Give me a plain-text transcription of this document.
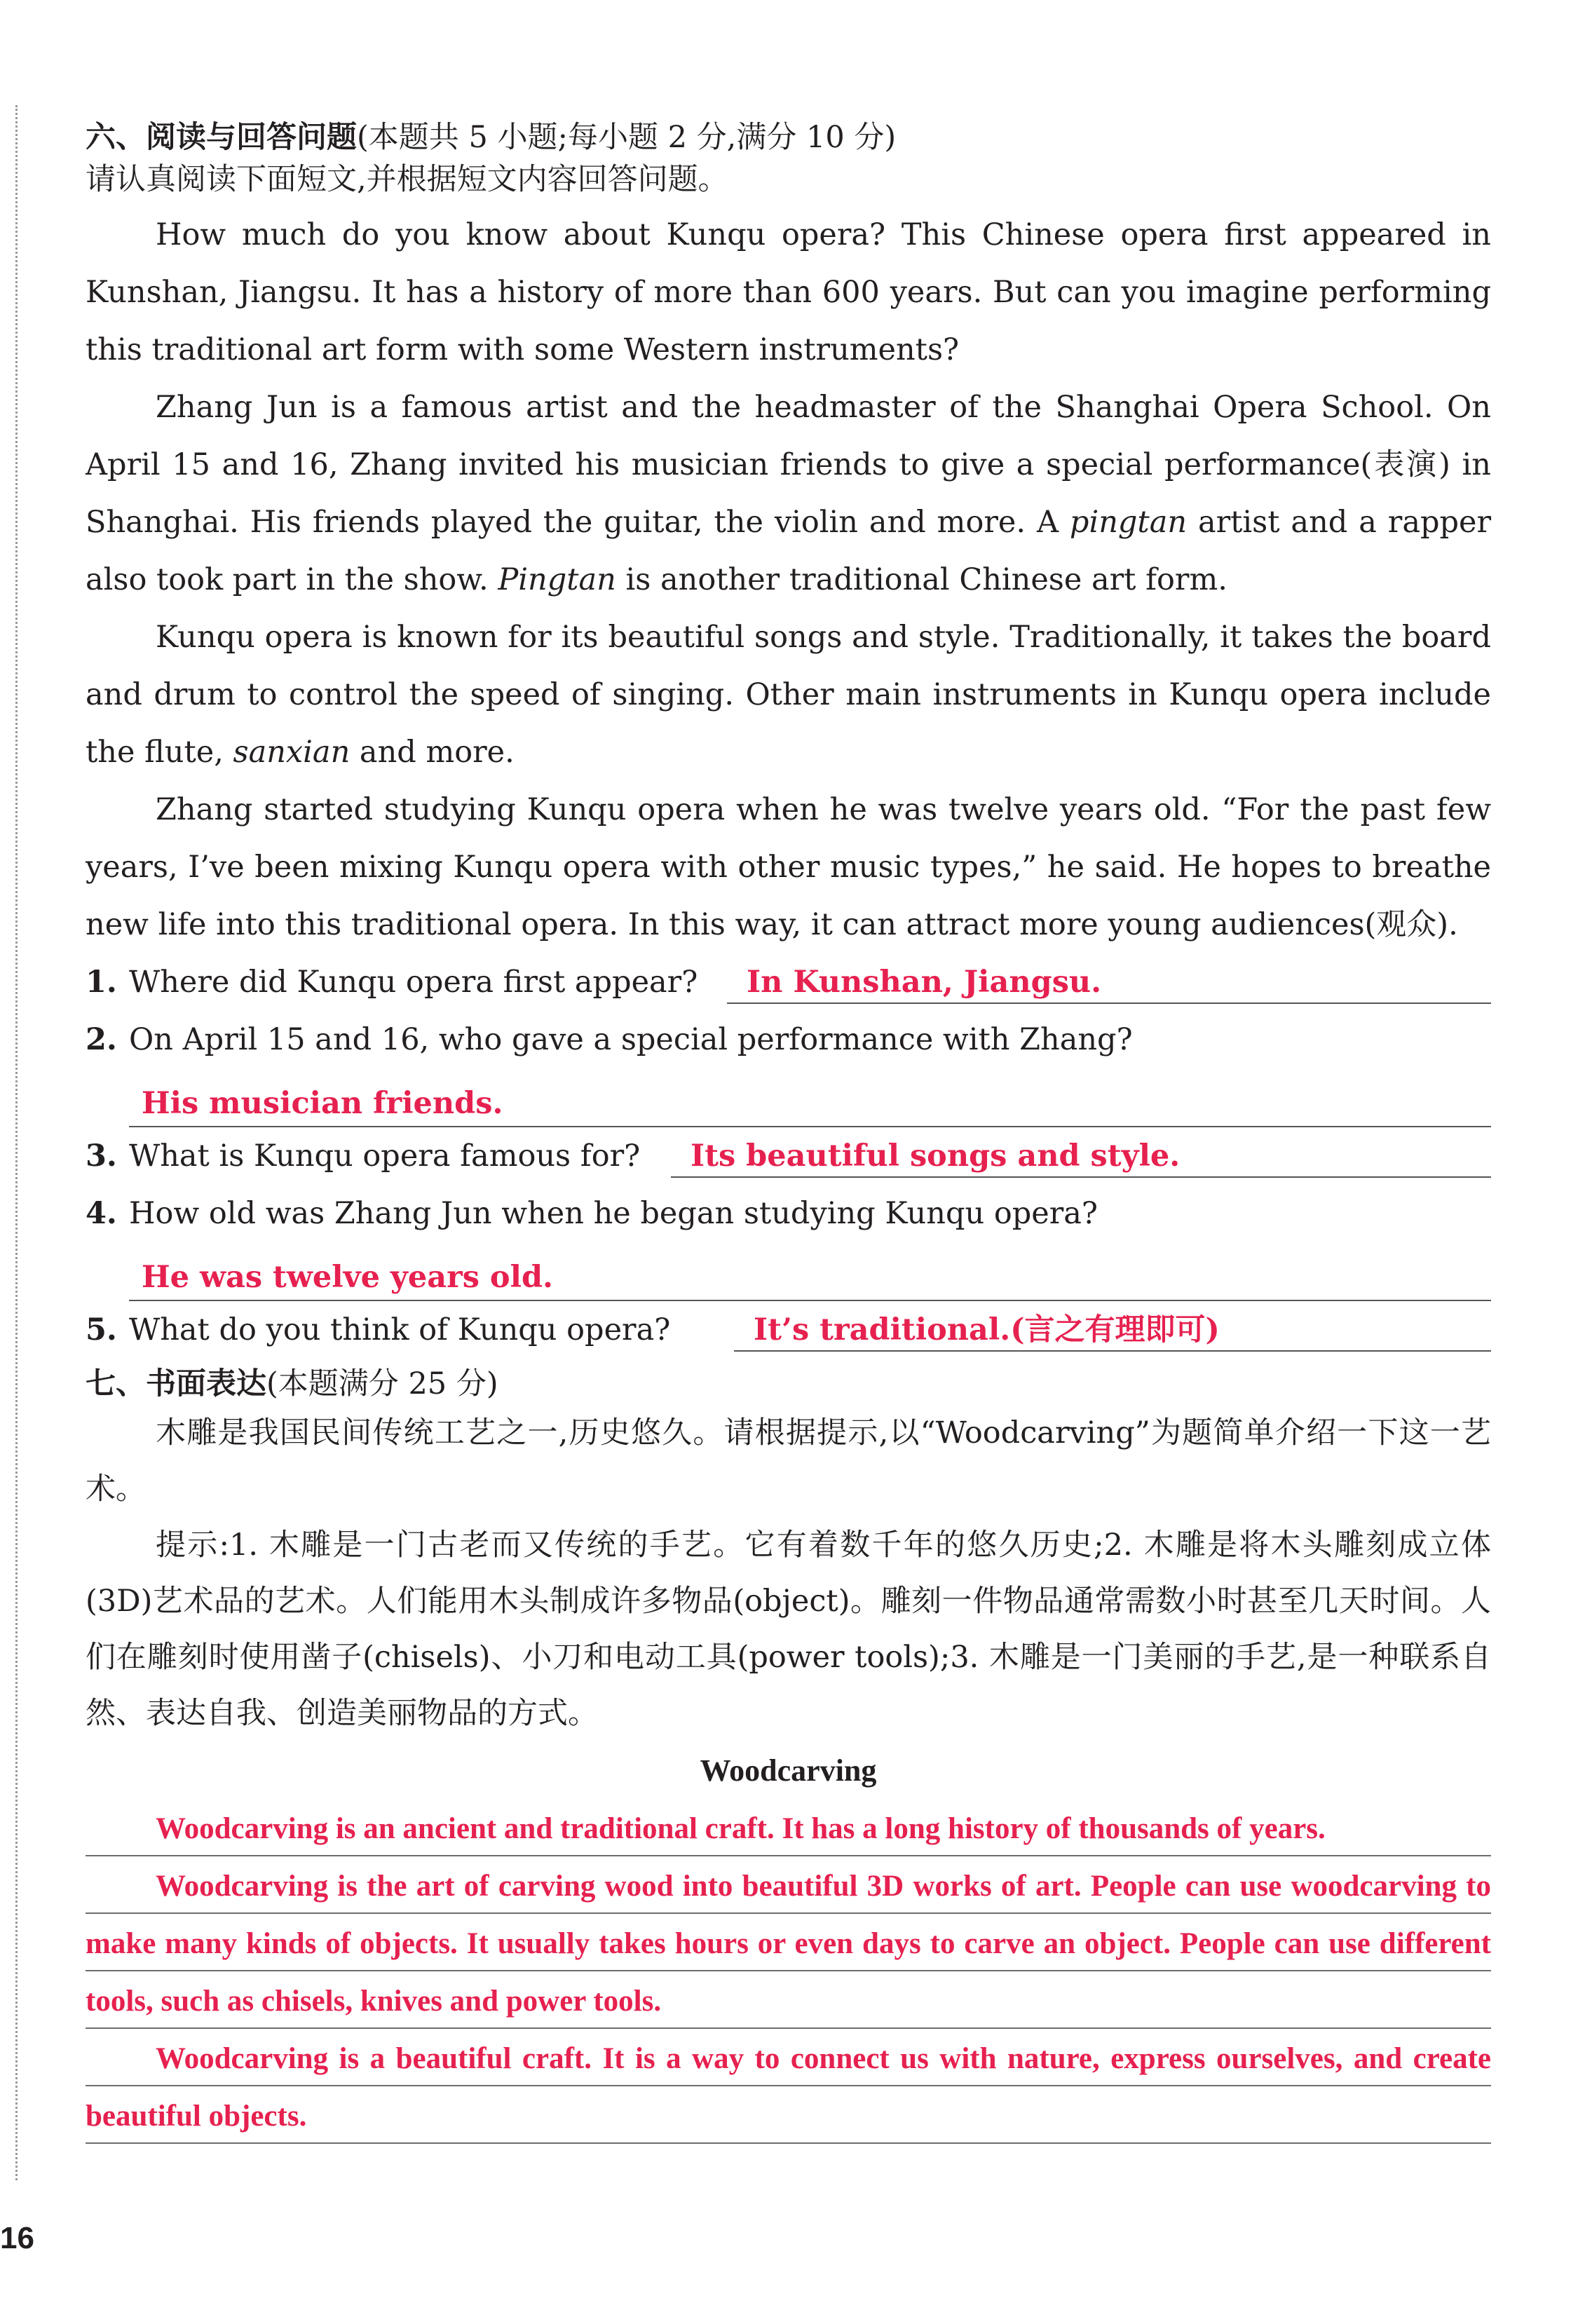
六、阅读与回答问题(本题共 5 小题;每小题 2 分,满分 10 分)
请认真阅读下面短文,并根据短文内容回答问题。

How much do you know about Kunqu opera? This Chinese opera first appeared in Kunshan, Jiangsu. It has a history of more than 600 years. But can you imagine performing this traditional art form with some Western instruments?

Zhang Jun is a famous artist and the headmaster of the Shanghai Opera School. On April 15 and 16, Zhang invited his musician friends to give a special performance(表演) in Shanghai. His friends played the guitar, the violin and more. A pingtan artist and a rapper also took part in the show. Pingtan is another traditional Chinese art form.

Kunqu opera is known for its beautiful songs and style. Traditionally, it takes the board and drum to control the speed of singing. Other main instruments in Kunqu opera include the flute, sanxian and more.

Zhang started studying Kunqu opera when he was twelve years old. “For the past few years, I’ve been mixing Kunqu opera with other music types,” he said. He hopes to breathe new life into this traditional opera. In this way, it can attract more young audiences(观众).

1. Where did Kunqu opera first appear?	In Kunshan, Jiangsu.
2. On April 15 and 16, who gave a special performance with Zhang?
His musician friends.
3. What is Kunqu opera famous for?	Its beautiful songs and style.
4. How old was Zhang Jun when he began studying Kunqu opera?
He was twelve years old.
5. What do you think of Kunqu opera?	It’s traditional.(言之有理即可)
七、书面表达(本题满分 25 分)

木雕是我国民间传统工艺之一,历史悠久。请根据提示,以“Woodcarving”为题简单介绍一下这一艺术。

提示:1. 木雕是一门古老而又传统的手艺。它有着数千年的悠久历史;2. 木雕是将木头雕刻成立体(3D)艺术品的艺术。人们能用木头制成许多物品(object)。雕刻一件物品通常需数小时甚至几天时间。人们在雕刻时使用凿子(chisels)、小刀和电动工具(power tools);3. 木雕是一门美丽的手艺,是一种联系自然、表达自我、创造美丽物品的方式。

Woodcarving

Woodcarving is an ancient and traditional craft. It has a long history of thousands of years.

Woodcarving is the art of carving wood into beautiful 3D works of art. People can use woodcarving to make many kinds of objects. It usually takes hours or even days to carve an object. People can use different tools, such as chisels, knives and power tools.

Woodcarving is a beautiful craft. It is a way to connect us with nature, express ourselves, and create beautiful objects.

16
